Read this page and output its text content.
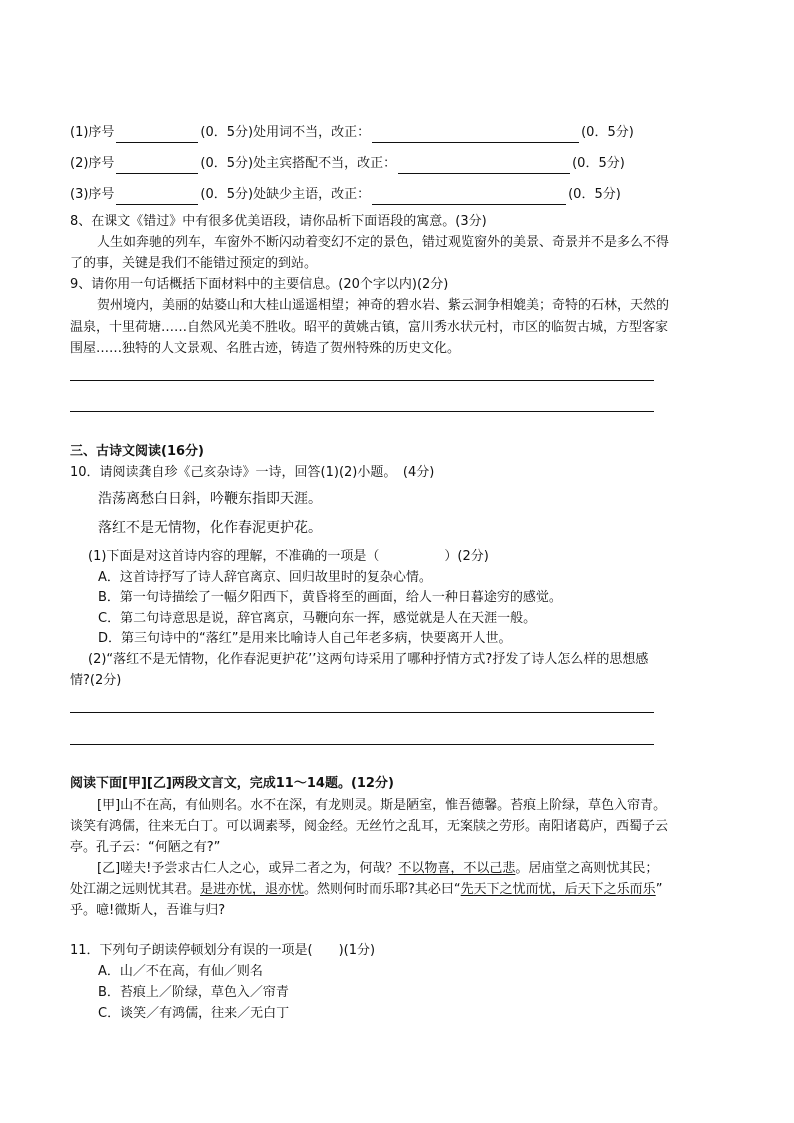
(1)序号	(0．5分)处用词不当，改正：	(0．5分)
(2)序号	(0．5分)处主宾搭配不当，改正：	(0．5分)
(3)序号	(0．5分)处缺少主语，改正：	(0．5分)
8、在课文《错过》中有很多优美语段，请你品析下面语段的寓意。(3分)
人生如奔驰的列车，车窗外不断闪动着变幻不定的景色，错过观览窗外的美景、奇景并不是多么不得
了的事，关键是我们不能错过预定的到站。
9、请你用一句话概括下面材料中的主要信息。(20个字以内)(2分)
贺州境内，美丽的姑婆山和大桂山遥遥相望；神奇的碧水岩、紫云洞争相媲美；奇特的石林，天然的
温泉，十里荷塘……自然风光美不胜收。昭平的黄姚古镇，富川秀水状元村，市区的临贺古城，方型客家
围屋……独特的人文景观、名胜古迹，铸造了贺州特殊的历史文化。
三、古诗文阅读(16分)
10．请阅读龚自珍《己亥杂诗》一诗，回答(1)(2)小题。　(4分)
浩荡离愁白日斜，吟鞭东指即天涯。
落红不是无情物，化作春泥更护花。
(1)下面是对这首诗内容的理解，不准确的一项是（　　　　　）(2分)
A．这首诗抒写了诗人辞官离京、回归故里时的复杂心情。
B．第一句诗描绘了一幅夕阳西下，黄昏将至的画面，给人一种日暮途穷的感觉。
C．第二句诗意思是说，辞官离京，马鞭向东一挥，感觉就是人在天涯一般。
D．第三句诗中的“落红”是用来比喻诗人自己年老多病，快要离开人世。
(2)“落红不是无情物，化作春泥更护花’’这两句诗采用了哪种抒情方式?抒发了诗人怎么样的思想感
情?(2分)
阅读下面[甲][乙]两段文言文，完成11～14题。(12分)
[甲]山不在高，有仙则名。水不在深，有龙则灵。斯是陋室，惟吾德馨。苔痕上阶绿，草色入帘青。
谈笑有鸿儒，往来无白丁。可以调素琴，阅金经。无丝竹之乱耳，无案牍之劳形。南阳诸葛庐，西蜀子云
亭。孔子云：“何陋之有?”
[乙]嗟夫!予尝求古仁人之心，或异二者之为，何哉？不以物喜，不以己悲。居庙堂之高则忧其民；
处江湖之远则忧其君。是进亦忧，退亦忧。然则何时而乐耶?其必曰“先天下之忧而忧，后天下之乐而乐”
乎。噫!微斯人，吾谁与归?
11．下列句子朗读停顿划分有误的一项是(　　)(1分)
A．山／不在高，有仙／则名
B．苔痕上／阶绿，草色入／帘青
C．谈笑／有鸿儒，往来／无白丁
